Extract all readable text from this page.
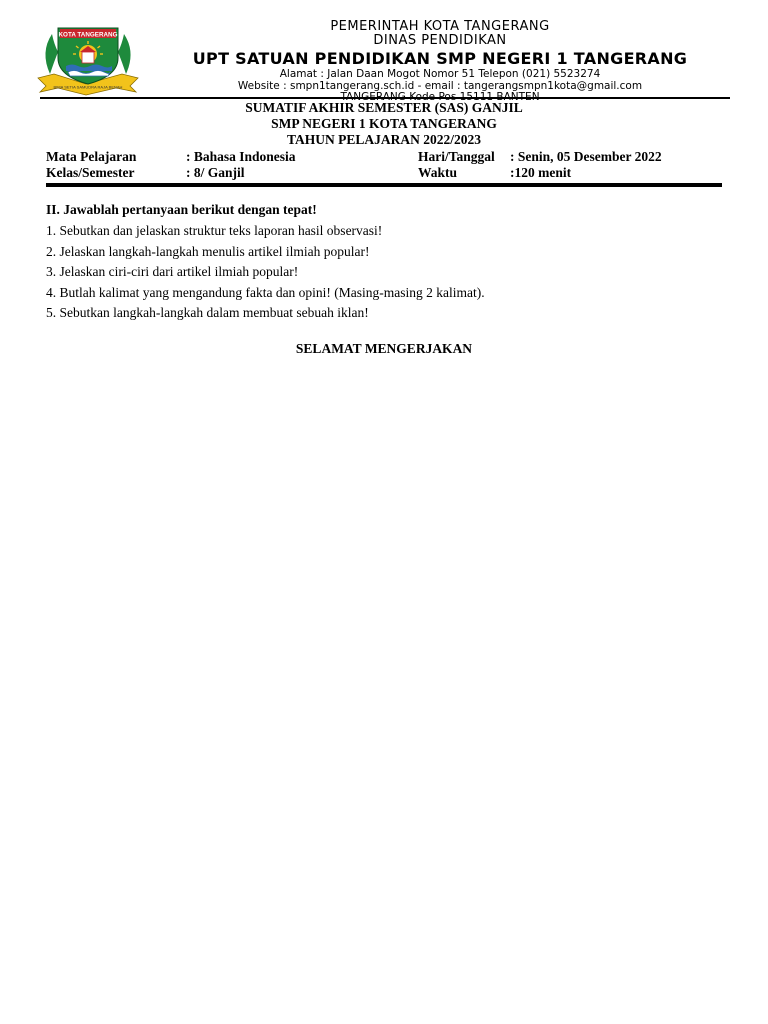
BIMA SETIA SAMUDRA RAJA BENAH
KOTA TANGERANG
PEMERINTAH KOTA TANGERANG
DINAS PENDIDIKAN
UPT SATUAN PENDIDIKAN SMP NEGERI 1 TANGERANG
Alamat : Jalan Daan Mogot Nomor 51 Telepon (021) 5523274
Website : smpn1tangerang.sch.id - email : tangerangsmpn1kota@gmail.com
TANGERANG Kode Pos 15111 BANTEN
SUMATIF AKHIR SEMESTER (SAS) GANJIL
SMP NEGERI 1 KOTA TANGERANG
TAHUN PELAJARAN 2022/2023
Mata Pelajaran	: Bahasa Indonesia	Hari/Tanggal : Senin, 05 Desember 2022
Kelas/Semester	: 8/ Ganjil	Waktu	:120 menit
II. Jawablah pertanyaan berikut dengan tepat!
1. Sebutkan dan jelaskan struktur teks laporan hasil observasi!
2. Jelaskan langkah-langkah menulis artikel ilmiah popular!
3. Jelaskan ciri-ciri dari artikel ilmiah popular!
4. Butlah kalimat yang mengandung fakta dan opini! (Masing-masing 2 kalimat).
5. Sebutkan langkah-langkah dalam membuat sebuah iklan!
SELAMAT MENGERJAKAN
